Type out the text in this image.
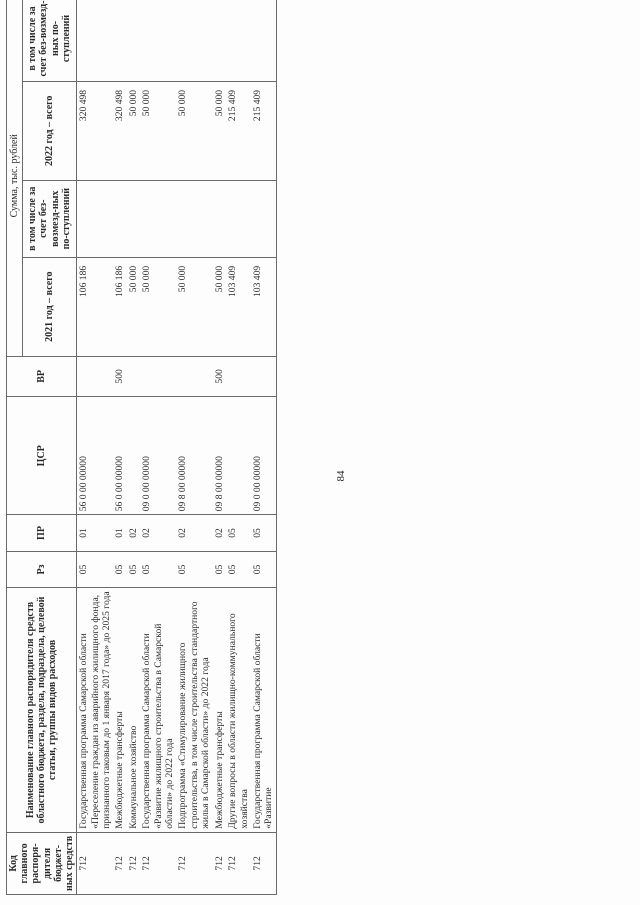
84
Код главного распоря-дителя бюджет-ных средств	Наименование главного распорядителя средств областного бюджета, раздела, подраздела, целевой статьи, группы видов расходов	Рз	ПР	ЦСР	ВР	Сумма, тыс. рублей			
						2021 год – всего	в том числе за счет без-возмезд-ных по-ступлений	2022 год – всего	в том числе за счет без-возмезд-ных по-ступлений
712	Государственная программа Самарской области «Переселение граждан из аварийного жилищного фонда, признанного таковым до 1 января 2017 года» до 2025 года	05	01	56 0 00 00000		106 186		320 498	
712	Межбюджетные трансферты	05	01	56 0 00 00000	500	106 186		320 498	
712	Коммунальное хозяйство	05	02			50 000		50 000	
712	Государственная программа Самарской области «Развитие жилищного строительства в Самарской области» до 2022 года	05	02	09 0 00 00000		50 000		50 000	
712	Подпрограмма «Стимулирование жилищного строительства, в том числе строительства стандартного жилья в Самарской области» до 2022 года	05	02	09 8 00 00000		50 000		50 000	
712	Межбюджетные трансферты	05	02	09 8 00 00000	500	50 000		50 000	
712	Другие вопросы в области жилищно-коммунального хозяйства	05	05			103 409		215 409	
712	Государственная программа Самарской области «Развитие	05	05	09 0 00 00000		103 409		215 409	
